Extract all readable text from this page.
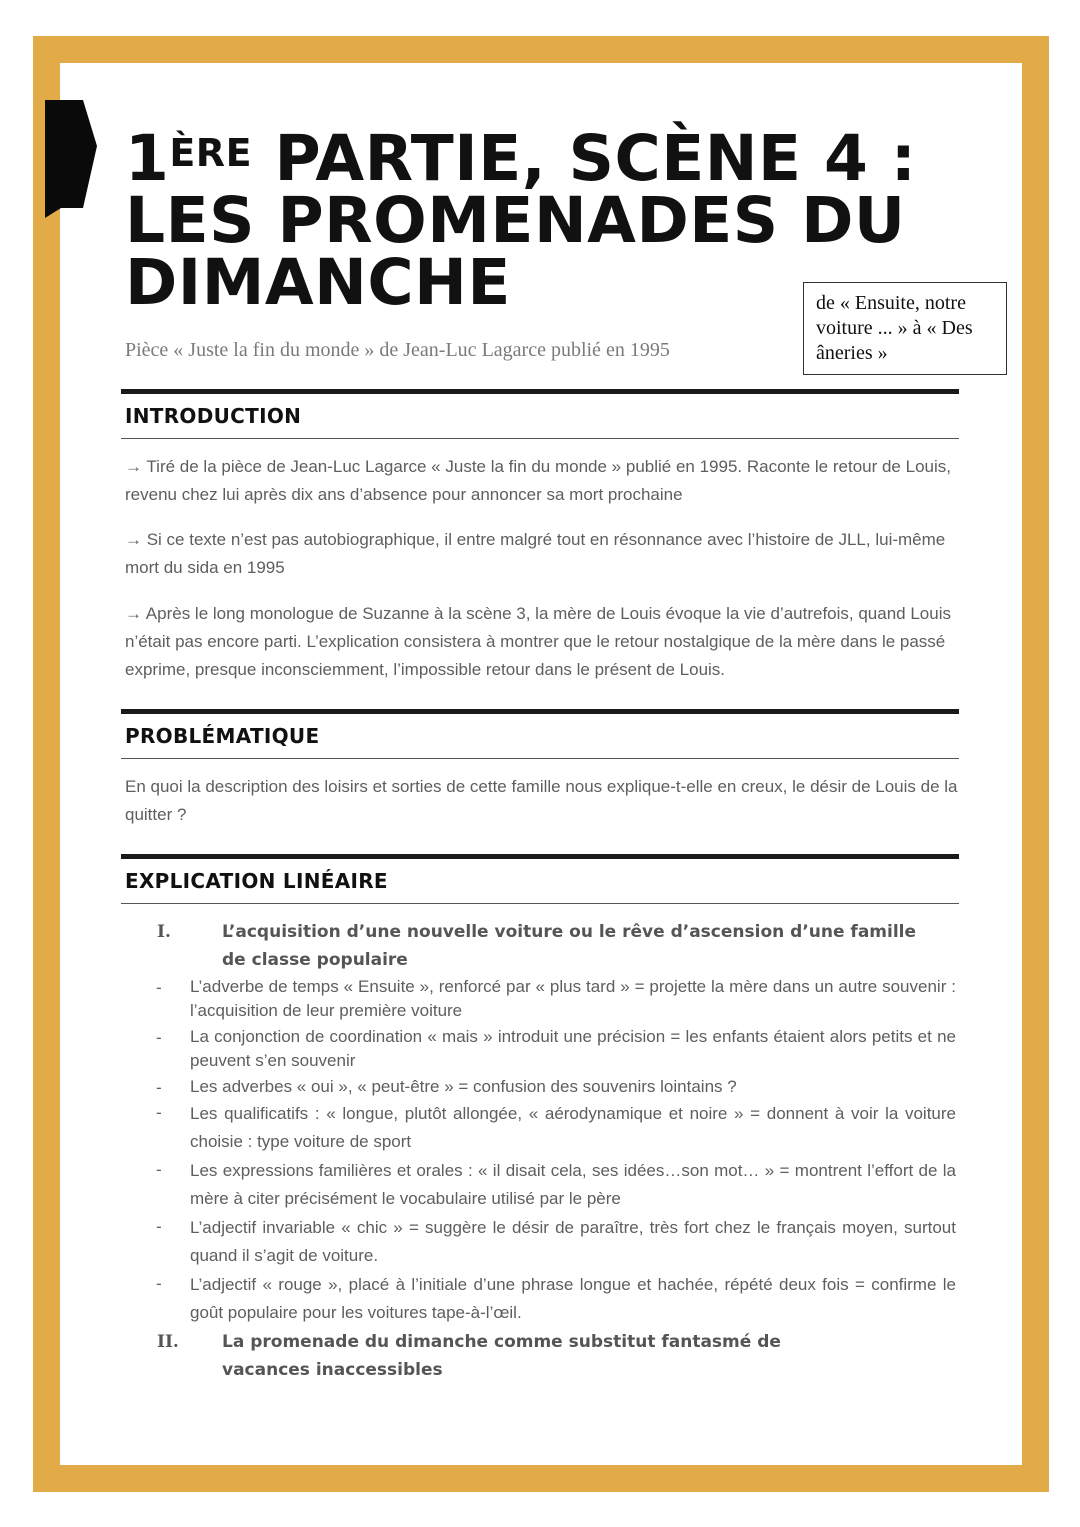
1ÈRE PARTIE, SCÈNE 4 :
LES PROMENADES DU
DIMANCHE
Pièce « Juste la fin du monde » de Jean-Luc Lagarce publié en 1995
de « Ensuite, notre voiture ... » à « Des âneries »
INTRODUCTION

→ Tiré de la pièce de Jean-Luc Lagarce « Juste la fin du monde » publié en 1995. Raconte le retour de Louis, revenu chez lui après dix ans d’absence pour annoncer sa mort prochaine

→ Si ce texte n’est pas autobiographique, il entre malgré tout en résonnance avec l’histoire de JLL, lui-même mort du sida en 1995

→ Après le long monologue de Suzanne à la scène 3, la mère de Louis évoque la vie d’autrefois, quand Louis n’était pas encore parti. L’explication consistera à montrer que le retour nostalgique de la mère dans le passé exprime, presque inconsciemment, l’impossible retour dans le présent de Louis.

PROBLÉMATIQUE

En quoi la description des loisirs et sorties de cette famille nous explique-t-elle en creux, le désir de Louis de la quitter ?

EXPLICATION LINÉAIRE
I.	L’acquisition d’une nouvelle voiture ou le rêve d’ascension d’une famille de classe populaire

- L’adverbe de temps « Ensuite », renforcé par « plus tard » = projette la mère dans un autre souvenir : l’acquisition de leur première voiture

- La conjonction de coordination « mais » introduit une précision = les enfants étaient alors petits et ne peuvent s’en souvenir

- Les adverbes « oui », « peut-être » = confusion des souvenirs lointains ?

- Les qualificatifs : « longue, plutôt allongée, « aérodynamique et noire » = donnent à voir la voiture choisie : type voiture de sport

- Les expressions familières et orales : « il disait cela, ses idées…son mot… » = montrent l’effort de la mère à citer précisément le vocabulaire utilisé par le père

- L’adjectif invariable « chic » = suggère le désir de paraître, très fort chez le français moyen, surtout quand il s’agit de voiture.

- L’adjectif « rouge », placé à l’initiale d’une phrase longue et hachée, répété deux fois = confirme le goût populaire pour les voitures tape-à-l’œil.

II.	La promenade du dimanche comme substitut fantasmé de vacances inaccessibles
